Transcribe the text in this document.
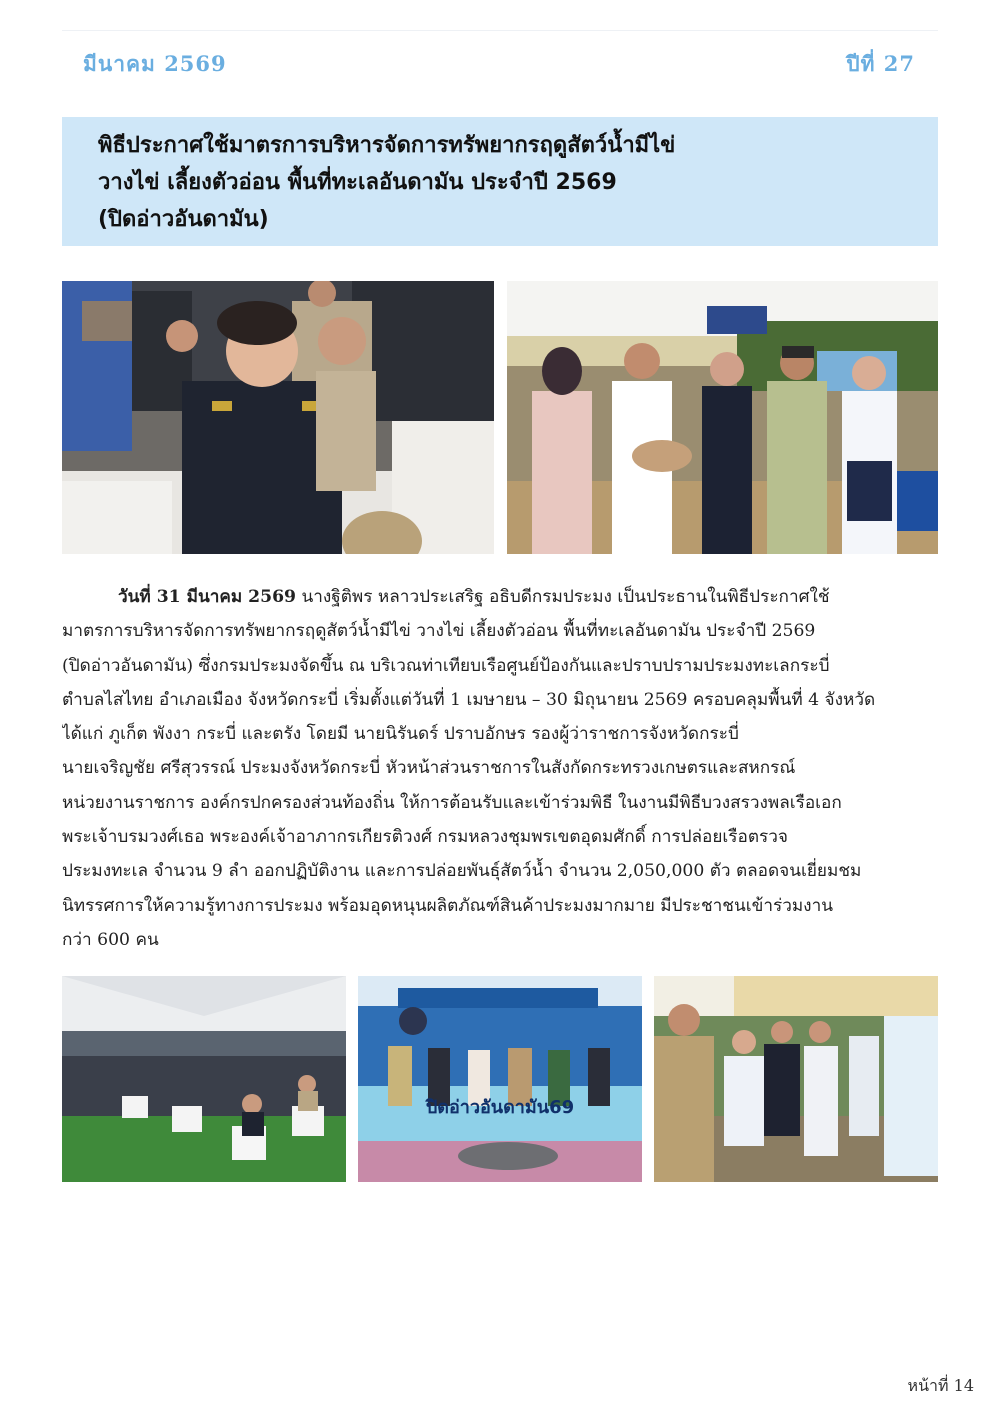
มีนาคม 2569	ปีที่ 27
พิธีประกาศใช้มาตรการบริหารจัดการทรัพยากรฤดูสัตว์น้ำมีไข่
วางไข่ เลี้ยงตัวอ่อน พื้นที่ทะเลอันดามัน ประจำปี 2569
(ปิดอ่าวอันดามัน)
วันที่ 31 มีนาคม 2569 นางฐิติพร หลาวประเสริฐ อธิบดีกรมประมง เป็นประธานในพิธีประกาศใช้
มาตรการบริหารจัดการทรัพยากรฤดูสัตว์น้ำมีไข่ วางไข่ เลี้ยงตัวอ่อน พื้นที่ทะเลอันดามัน ประจำปี 2569
(ปิดอ่าวอันดามัน) ซึ่งกรมประมงจัดขึ้น ณ บริเวณท่าเทียบเรือศูนย์ป้องกันและปราบปรามประมงทะเลกระบี่
ตำบลไสไทย อำเภอเมือง จังหวัดกระบี่ เริ่มตั้งแต่วันที่ 1 เมษายน – 30 มิถุนายน 2569 ครอบคลุมพื้นที่ 4 จังหวัด
ได้แก่ ภูเก็ต พังงา กระบี่ และตรัง โดยมี นายนิรันดร์ ปราบอักษร รองผู้ว่าราชการจังหวัดกระบี่
นายเจริญชัย ศรีสุวรรณ์ ประมงจังหวัดกระบี่ หัวหน้าส่วนราชการในสังกัดกระทรวงเกษตรและสหกรณ์
หน่วยงานราชการ องค์กรปกครองส่วนท้องถิ่น ให้การต้อนรับและเข้าร่วมพิธี ในงานมีพิธีบวงสรวงพลเรือเอก
พระเจ้าบรมวงศ์เธอ พระองค์เจ้าอาภากรเกียรติวงศ์ กรมหลวงชุมพรเขตอุดมศักดิ์ การปล่อยเรือตรวจ
ประมงทะเล จำนวน 9 ลำ ออกปฏิบัติงาน และการปล่อยพันธุ์สัตว์น้ำ จำนวน 2,050,000 ตัว ตลอดจนเยี่ยมชม
นิทรรศการให้ความรู้ทางการประมง พร้อมอุดหนุนผลิตภัณฑ์สินค้าประมงมากมาย มีประชาชนเข้าร่วมงาน
กว่า 600 คน
ปิดอ่าวอันดามัน69
หน้าที่ 14
